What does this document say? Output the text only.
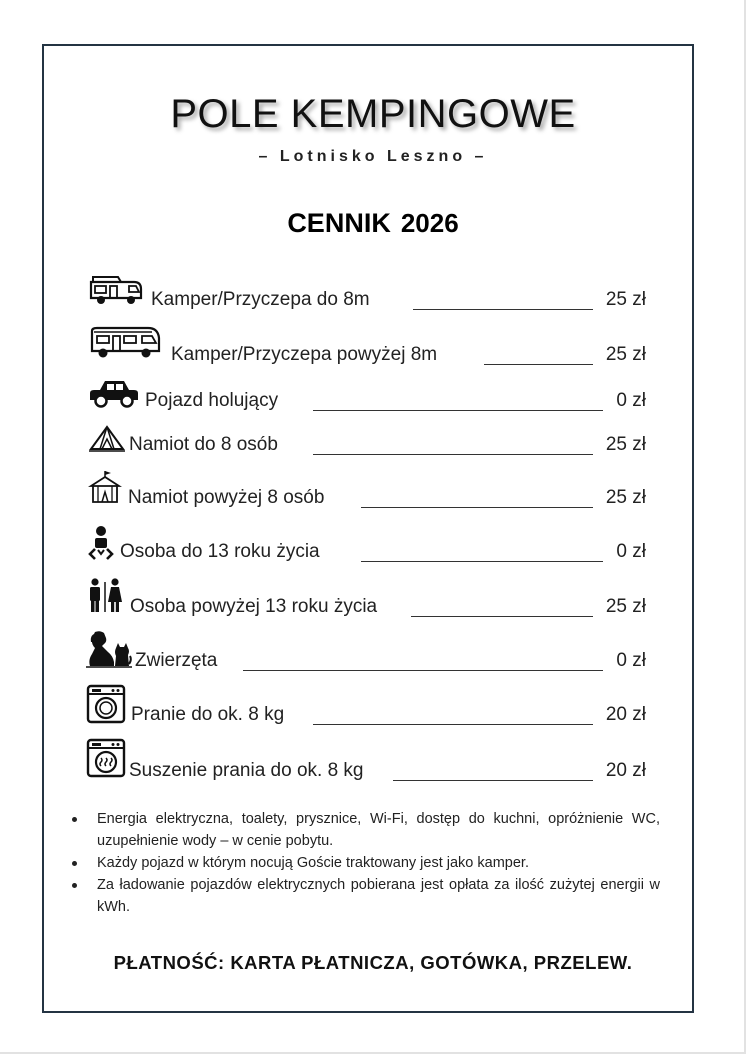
POLE KEMPINGOWE
– Lotnisko Leszno –
CENNIK 2026
Kamper/Przyczepa do 8m	25 zł
Kamper/Przyczepa powyżej 8m	25 zł
Pojazd holujący	0 zł
Namiot do 8 osób	25 zł
Namiot powyżej 8 osób	25 zł
Osoba do 13 roku życia	0 zł
Osoba powyżej 13 roku życia	25 zł
Zwierzęta	0 zł
Pranie do ok. 8 kg	20 zł
Suszenie prania do ok. 8 kg	20 zł
Energia elektryczna, toalety, prysznice, Wi-Fi, dostęp do kuchni, opróżnienie WC, uzupełnienie wody – w cenie pobytu.
Każdy pojazd w którym nocują Goście traktowany jest jako kamper.
Za ładowanie pojazdów elektrycznych pobierana jest opłata za ilość zużytej energii w kWh.
PŁATNOŚĆ: KARTA PŁATNICZA, GOTÓWKA, PRZELEW.
